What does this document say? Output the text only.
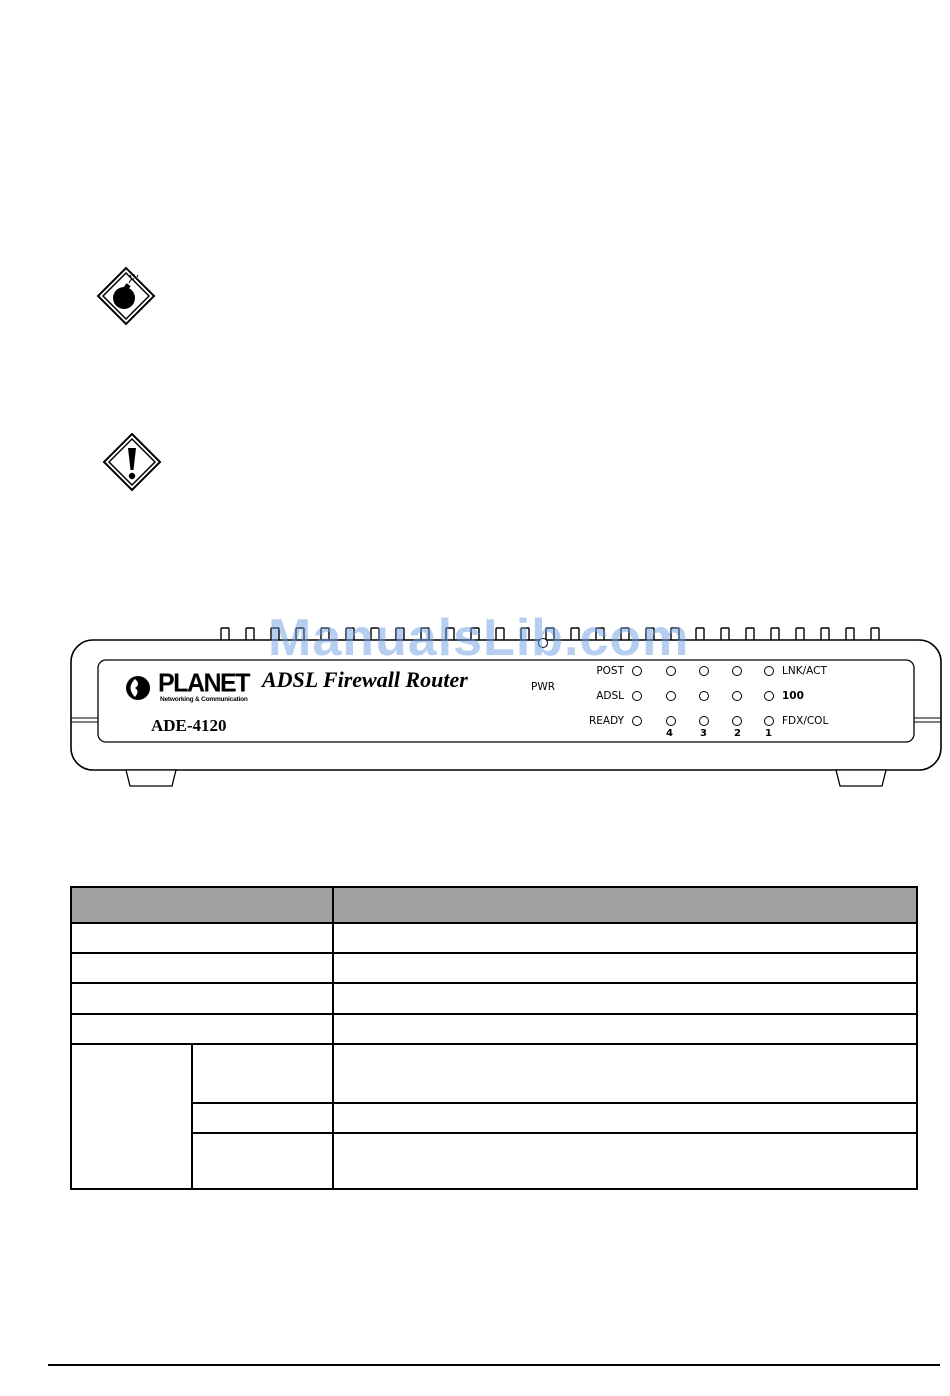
PLANET
Networking & Communication
ADSL Firewall Router
ADE-4120
PWR
POST
ADSL
READY
LNK/ACT
100
FDX/COL
4	3	2 1
ManualsLib.com
